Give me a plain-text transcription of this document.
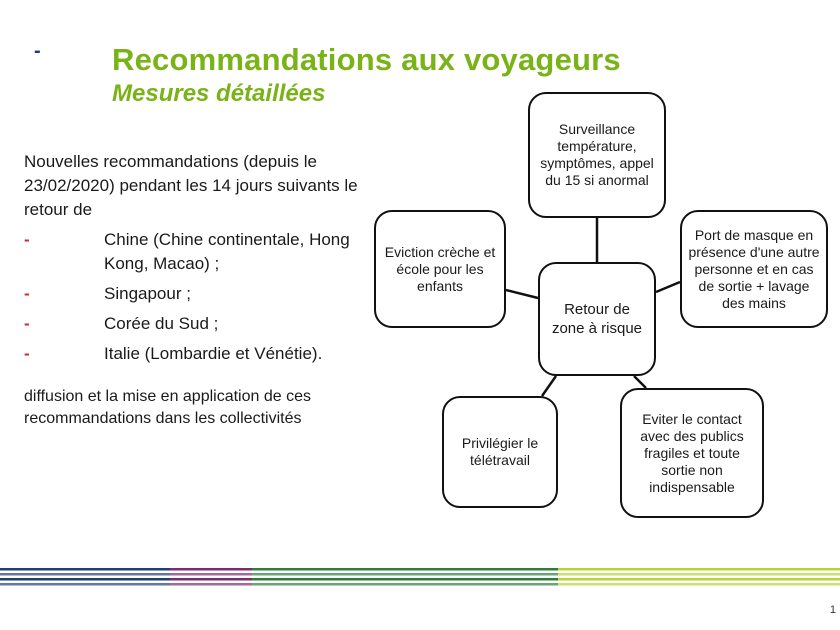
- Recommandations aux voyageurs
Mesures détaillées
Nouvelles recommandations (depuis le 23/02/2020) pendant les 14 jours suivants le retour de
-	Chine (Chine continentale, Hong Kong, Macao) ;
-	Singapour ;
-	Corée du Sud ;
-	Italie (Lombardie et Vénétie).
diffusion et la mise en application de ces recommandations dans les collectivités
Surveillance température, symptômes, appel du 15 si anormal
Eviction crèche et école pour les enfants
Retour de zone à risque
Port de masque en présence d'une autre personne et en cas de sortie + lavage des mains
Privilégier le télétravail
Eviter le contact avec des publics fragiles et toute sortie non indispensable
1
